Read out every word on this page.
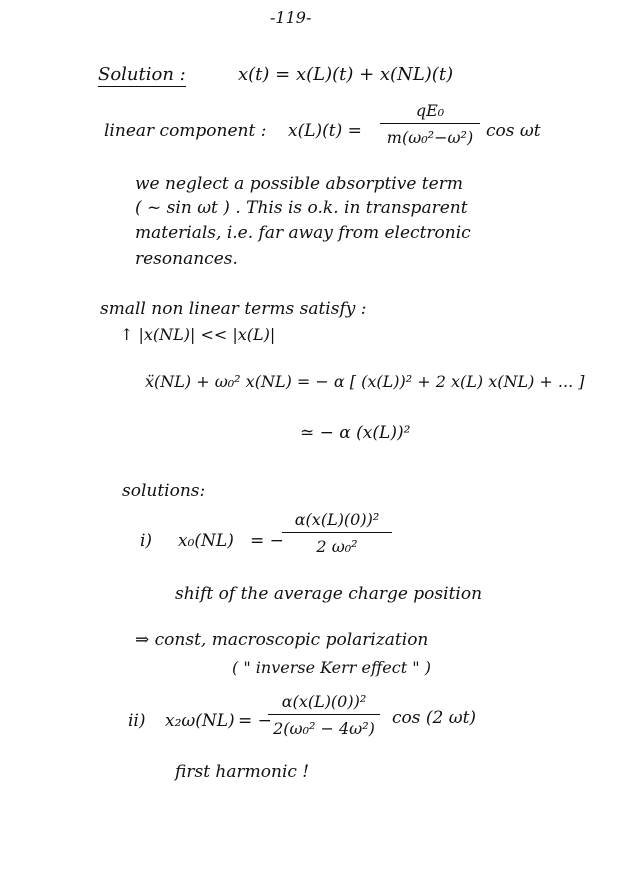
-119-
Solution :	x(t) = x(L)(t) + x(NL)(t)
linear component : x(L)(t) =
qE₀
m(ω₀²−ω²) cos ωt
we neglect a possible absorptive term
( ~ sin ωt ) . This is o.k. in transparent
materials, i.e. far away from electronic
resonances.
small non linear terms satisfy :
↑ |x(NL)| << |x(L)|
ẍ(NL) + ω₀² x(NL) = − α [ (x(L))² + 2 x(L) x(NL) + ... ]
≃ − α (x(L))²
solutions:
i) x₀(NL) = −
α(x(L)(0))²
2 ω₀²
shift of the average charge position
⇒ const, macroscopic polarization
( " inverse Kerr effect " )
ii) x₂ω(NL) = −
α(x(L)(0))²
2(ω₀² − 4ω²)
cos (2 ωt)
first harmonic !
